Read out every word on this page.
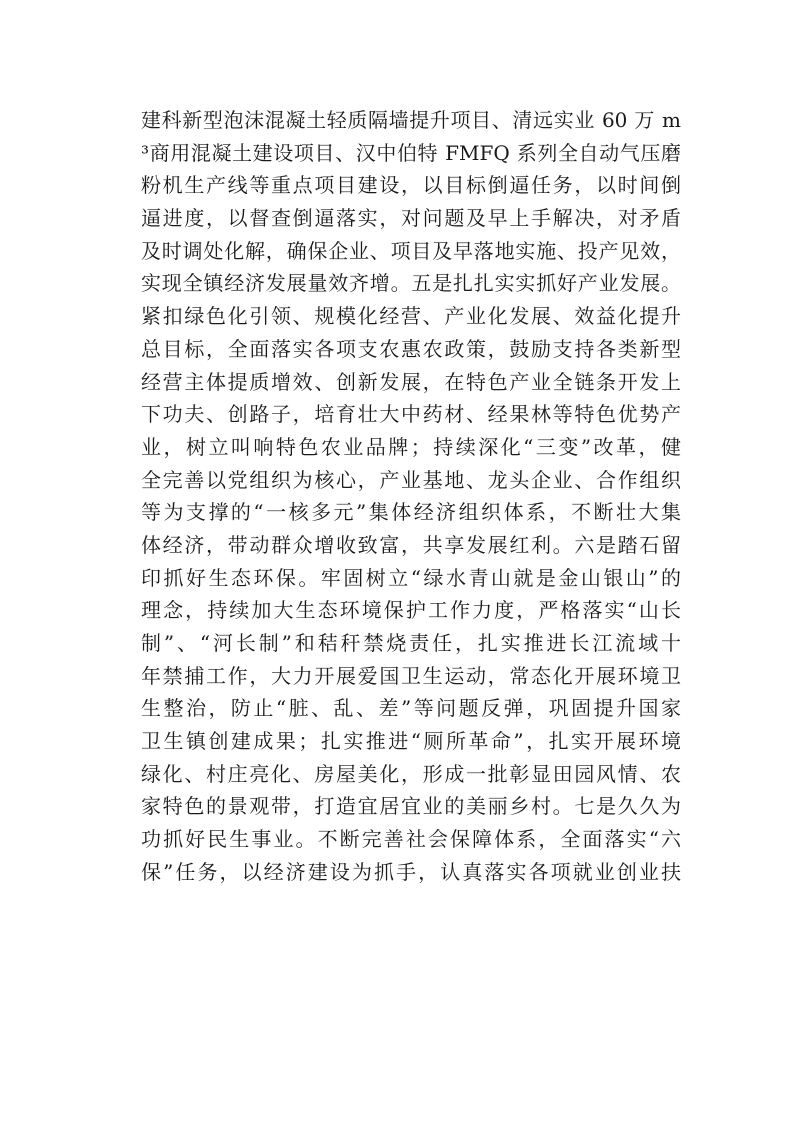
建科新型泡沫混凝土轻质隔墙提升项目、清远实业 60 万 m
³商用混凝土建设项目、汉中伯特 FMFQ 系列全自动气压磨
粉机生产线等重点项目建设，以目标倒逼任务，以时间倒
逼进度，以督查倒逼落实，对问题及早上手解决，对矛盾
及时调处化解，确保企业、项目及早落地实施、投产见效，
实现全镇经济发展量效齐增。五是扎扎实实抓好产业发展。
紧扣绿色化引领、规模化经营、产业化发展、效益化提升
总目标，全面落实各项支农惠农政策，鼓励支持各类新型
经营主体提质增效、创新发展，在特色产业全链条开发上
下功夫、创路子，培育壮大中药材、经果林等特色优势产
业，树立叫响特色农业品牌；持续深化“三变”改革，健
全完善以党组织为核心，产业基地、龙头企业、合作组织
等为支撑的“一核多元”集体经济组织体系，不断壮大集
体经济，带动群众增收致富，共享发展红利。六是踏石留
印抓好生态环保。牢固树立“绿水青山就是金山银山”的
理念，持续加大生态环境保护工作力度，严格落实“山长
制”、“河长制”和秸秆禁烧责任，扎实推进长江流域十
年禁捕工作，大力开展爱国卫生运动，常态化开展环境卫
生整治，防止“脏、乱、差”等问题反弹，巩固提升国家
卫生镇创建成果；扎实推进“厕所革命”，扎实开展环境
绿化、村庄亮化、房屋美化，形成一批彰显田园风情、农
家特色的景观带，打造宜居宜业的美丽乡村。七是久久为
功抓好民生事业。不断完善社会保障体系，全面落实“六
保”任务，以经济建设为抓手，认真落实各项就业创业扶
